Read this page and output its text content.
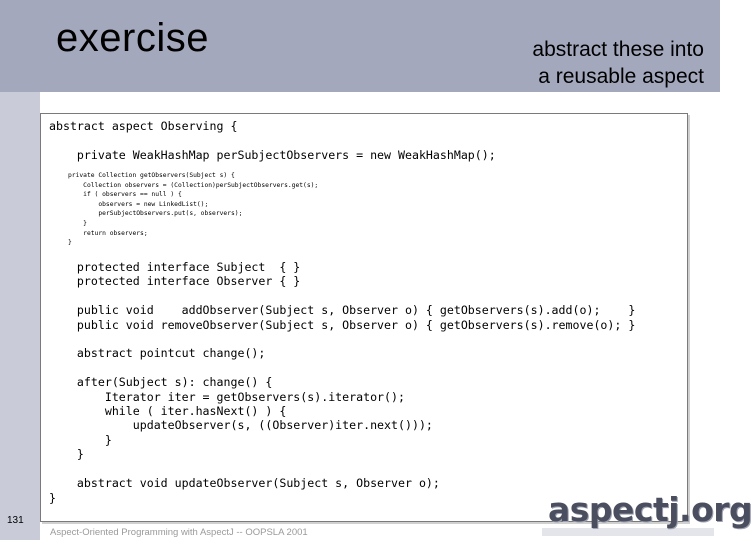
exercise	abstract these into
a reusable aspect
abstract aspect Observing {

private WeakHashMap perSubjectObservers = new WeakHashMap();
private Collection getObservers(Subject s) {
Collection observers = (Collection)perSubjectObservers.get(s);
if ( observers == null ) {
observers = new LinkedList();
perSubjectObservers.put(s, observers);
}
return observers;
}
protected interface Subject  { }
protected interface Observer { }

public void    addObserver(Subject s, Observer o) { getObservers(s).add(o);    }
public void removeObserver(Subject s, Observer o) { getObservers(s).remove(o); }

abstract pointcut change();

after(Subject s): change() {
Iterator iter = getObservers(s).iterator();
while ( iter.hasNext() ) {
updateObserver(s, ((Observer)iter.next()));
}
}

abstract void updateObserver(Subject s, Observer o);
}
131
Aspect-Oriented Programming with AspectJ -- OOPSLA 2001
aspectj.org
